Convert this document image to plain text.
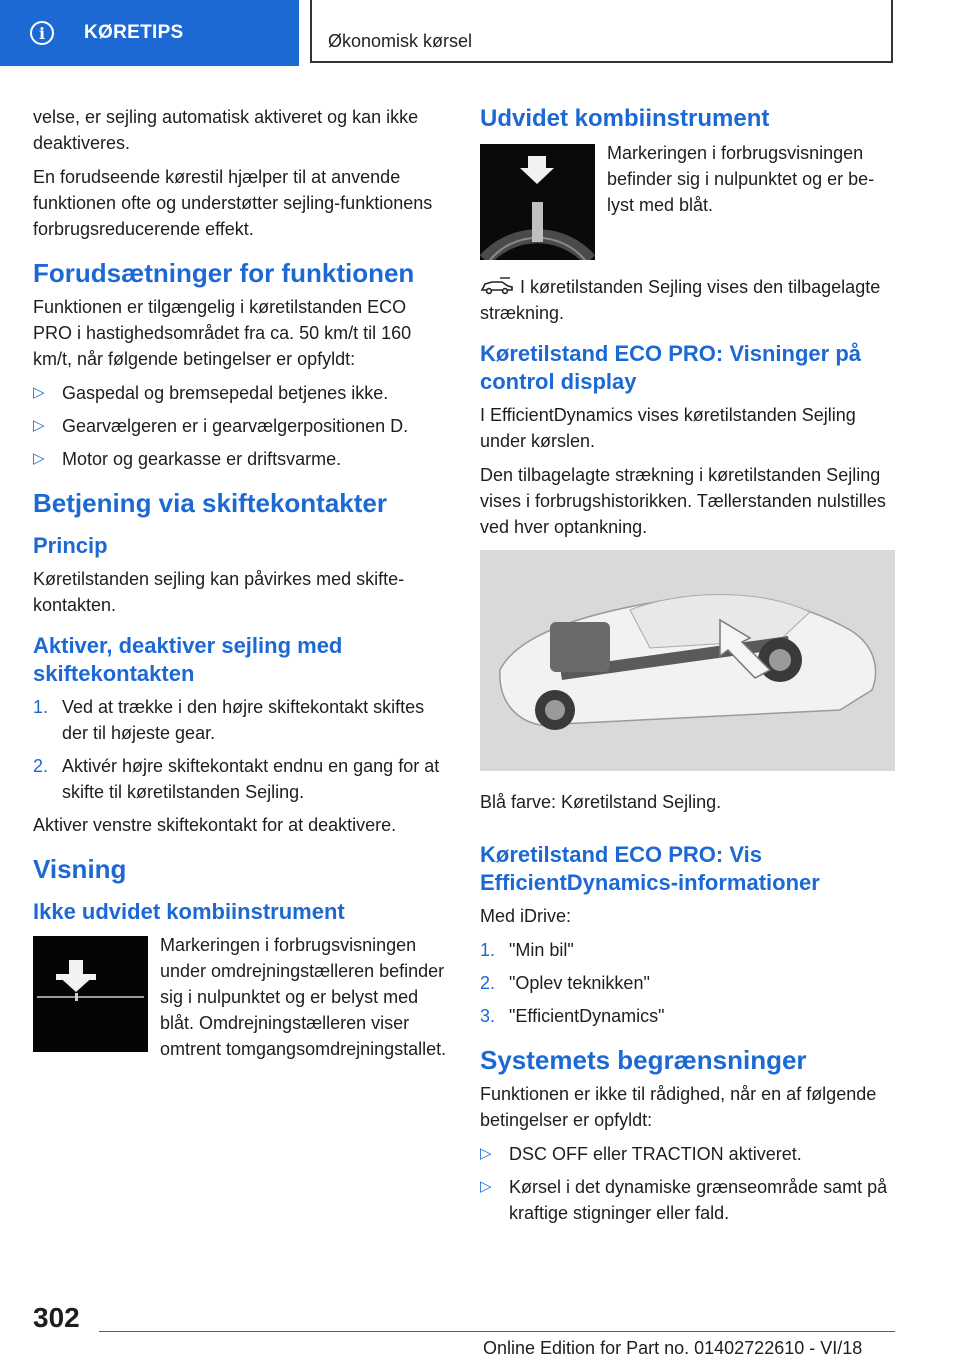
i	KØRETIPS	Økonomisk kørsel

velse, er sejling automatisk aktiveret og kan ikke deaktiveres.

En forudseende kørestil hjælper til at anvende funktionen ofte og understøtter sejling-funktionens forbrugsreducerende effekt.

Forudsætninger for funktionen

Funktionen er tilgængelig i køretilstanden ECO PRO i hastighedsområdet fra ca. 50 km/t til 160 km/t, når følgende betingelser er opfyldt:

▷ Gaspedal og bremsepedal betjenes ikke.
▷ Gearvælgeren er i gearvælgerpositionen D.
▷ Motor og gearkasse er driftsvarme.
Betjening via skiftekontakter
Princip

Køretilstanden sejling kan påvirkes med skiftekontakten.

Aktiver, deaktiver sejling med skiftekontakten
1. Ved at trække i den højre skiftekontakt skiftes der til højeste gear.
2. Aktivér højre skiftekontakt endnu en gang for at skifte til køretilstanden Sejling.

Aktiver venstre skiftekontakt for at deaktivere.

Visning
Ikke udvidet kombiinstrument

Markeringen i forbrugsvisningen under omdrejningstælleren befinder sig i nulpunktet og er belyst med blåt. Omdrejningstælleren viser omtrent tomgangsomdrejningstallet.

Udvidet kombiinstrument

Markeringen i forbrugsvisningen befinder sig i nulpunktet og er belyst med blåt.

I køretilstanden Sejling vises den tilbagelagte strækning.

Køretilstand ECO PRO: Visninger på control display

I EfficientDynamics vises køretilstanden Sejling under kørslen.

Den tilbagelagte strækning i køretilstanden Sejling vises i forbrugshistorikken. Tællerstanden nulstilles ved hver optankning.

Blå farve: Køretilstand Sejling.

Køretilstand ECO PRO: Vis EfficientDynamics-informationer

Med iDrive:

1. "Min bil"
2. "Oplev teknikken"
3. "EfficientDynamics"
Systemets begrænsninger

Funktionen er ikke til rådighed, når en af følgende betingelser er opfyldt:

▷ DSC OFF eller TRACTION aktiveret.
▷ Kørsel i det dynamiske grænseområde samt på kraftige stigninger eller fald.
302
Online Edition for Part no. 01402722610 - VI/18
